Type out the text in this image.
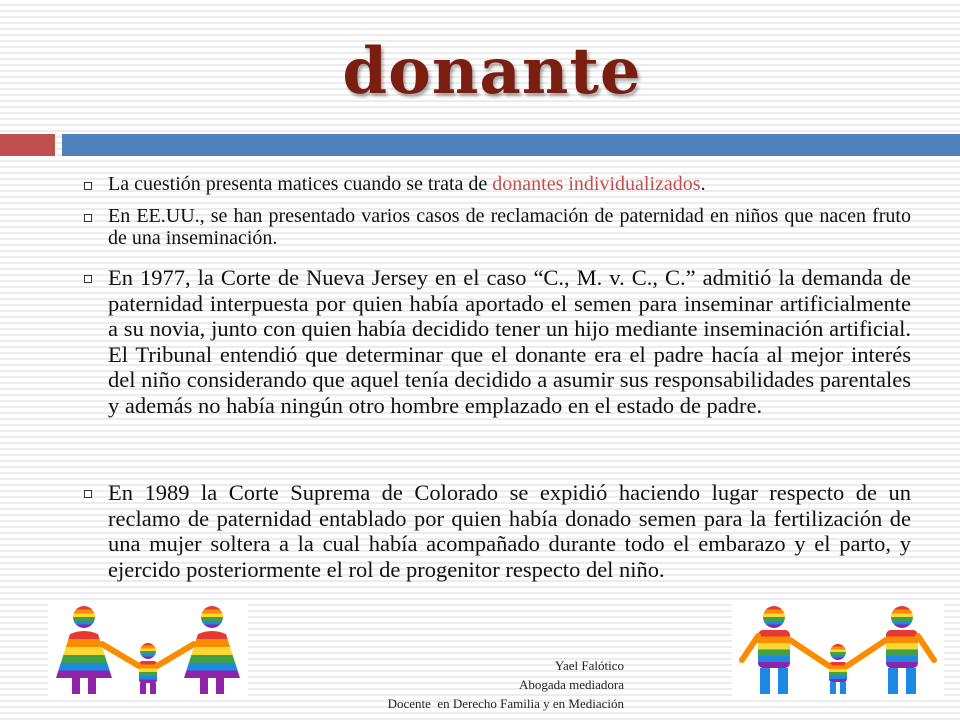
donante

La cuestión presenta matices cuando se trata de donantes individualizados.

En EE.UU., se han presentado varios casos de reclamación de paternidad en niños que nacen fruto de una inseminación.

En 1977, la Corte de Nueva Jersey en el caso “C., M. v. C., C.” admitió la demanda de paternidad interpuesta por quien había aportado el semen para inseminar artificialmente a su novia, junto con quien había decidido tener un hijo mediante inseminación artificial. El Tribunal entendió que determinar que el donante era el padre hacía al mejor interés del niño considerando que aquel tenía decidido a asumir sus responsabilidades parentales y además no había ningún otro hombre emplazado en el estado de padre.

En 1989 la Corte Suprema de Colorado se expidió haciendo lugar respecto de un reclamo de paternidad entablado por quien había donado semen para la fertilización de una mujer soltera a la cual había acompañado durante todo el embarazo y el parto, y ejercido posteriormente el rol de progenitor respecto del niño.

Yael Falótico
Abogada mediadora
Docente  en Derecho Familia y en Mediación
